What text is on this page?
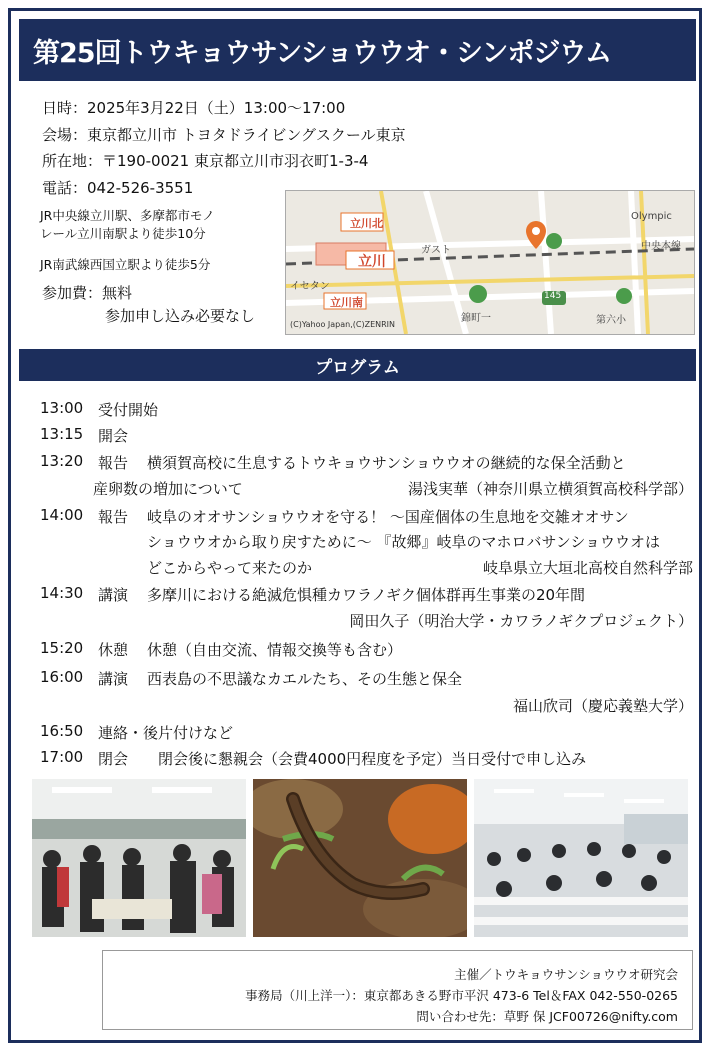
第25回トウキョウサンショウウオ・シンポジウム
日時：2025年3月22日（土）13:00〜17:00
会場：東京都立川市 トヨタドライビングスクール東京
所在地：〒190-0021 東京都立川市羽衣町1-3-4
電話：042-526-3551
JR中央線立川駅、多摩都市モノ
レール立川南駅より徒歩10分
JR南武線西国立駅より徒歩5分
参加費：無料
参加申し込み必要なし
立川北
立川
立川南
ガスト
イセタン
Olympic
中央本線
錦町一	第六小
145
(C)Yahoo Japan,(C)ZENRIN
プログラム
13:00 受付開始
13:15 開会
13:20 報告 横須賀高校に生息するトウキョウサンショウウオの継続的な保全活動と
産卵数の増加について	湯浅実華（神奈川県立横須賀高校科学部）
14:00 報告 岐阜のオオサンショウウオを守る！ 〜国産個体の生息地を交雑オオサン
ショウウオから取り戻すために〜 『故郷』岐阜のマホロバサンショウウオは
どこからやって来たのか	岐阜県立大垣北高校自然科学部
14:30 講演 多摩川における絶滅危惧種カワラノギク個体群再生事業の20年間
岡田久子（明治大学・カワラノギクプロジェクト）
15:20 休憩 休憩（自由交流、情報交換等も含む）
16:00 講演 西表島の不思議なカエルたち、その生態と保全
福山欣司（慶応義塾大学）
16:50 連絡・後片付けなど
17:00 閉会 閉会後に懇親会（会費4000円程度を予定）当日受付で申し込み
主催／トウキョウサンショウウオ研究会
事務局（川上洋一）：東京都あきる野市平沢 473-6 Tel＆FAX 042-550-0265
問い合わせ先：草野 保 JCF00726@nifty.com
